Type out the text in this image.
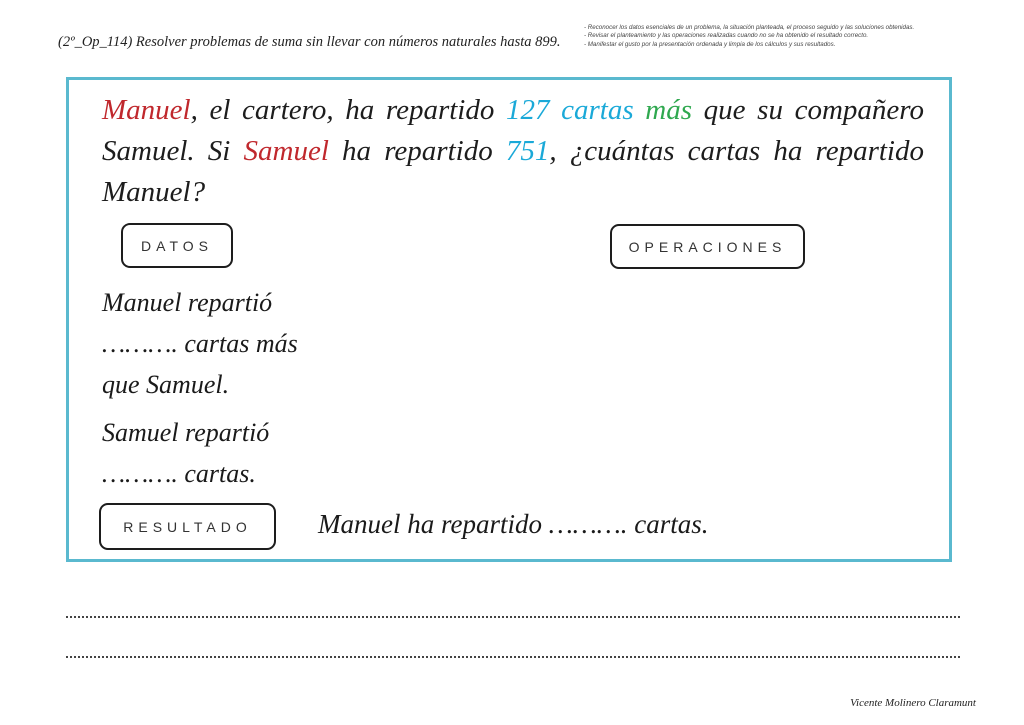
(2º_Op_114) Resolver problemas de suma sin llevar con números naturales hasta 899.
- Reconocer los datos esenciales de un problema, la situación planteada, el proceso seguido y las soluciones obtenidas.
- Revisar el planteamiento y las operaciones realizadas cuando no se ha obtenido el resultado correcto.
- Manifestar el gusto por la presentación ordenada y limpia de los cálculos y sus resultados.
Manuel, el cartero, ha repartido 127 cartas más que su compañero Samuel. Si Samuel ha repartido 751, ¿cuántas cartas ha repartido Manuel?
DATOS	OPERACIONES
Manuel repartió
………. cartas más
que Samuel.
Samuel repartió
………. cartas.
RESULTADO	Manuel ha repartido ………. cartas.
Vicente Molinero Claramunt
